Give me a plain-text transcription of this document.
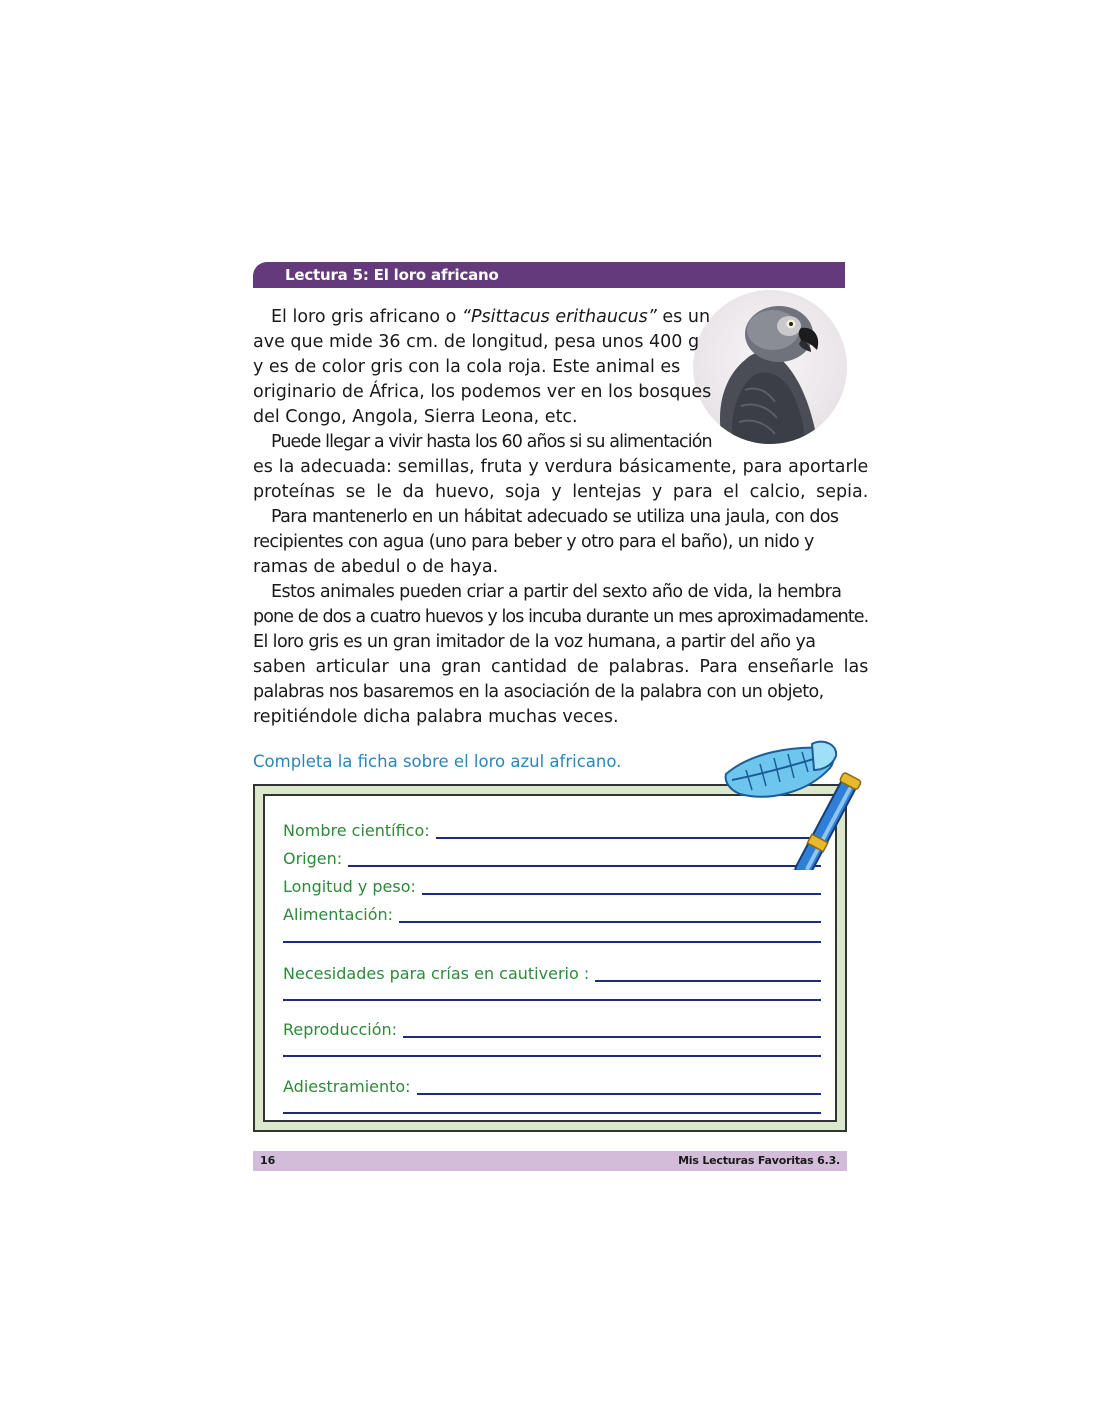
Lectura 5: El loro africano
El loro gris africano o “Psittacus erithaucus” es un
ave que mide 36 cm. de longitud, pesa unos 400 g
y es de color gris con la cola roja. Este animal es
originario de África, los podemos ver en los bosques
del Congo, Angola, Sierra Leona, etc.
Puede llegar a vivir hasta los 60 años si su alimentación
es la adecuada: semillas, fruta y verdura básicamente, para aportarle
proteínas se le da huevo, soja y lentejas y para el calcio, sepia.
Para mantenerlo en un hábitat adecuado se utiliza una jaula, con dos
recipientes con agua (uno para beber y otro para el baño), un nido y
ramas de abedul o de haya.
Estos animales pueden criar a partir del sexto año de vida, la hembra
pone de dos a cuatro huevos y los incuba durante un mes aproximadamente.
El loro gris es un gran imitador de la voz humana, a partir del año ya
saben articular una gran cantidad de palabras. Para enseñarle las
palabras nos basaremos en la asociación de la palabra con un objeto,
repitiéndole dicha palabra muchas veces.
Completa la ficha sobre el loro azul africano.
Nombre científico:
Origen:
Longitud y peso:
Alimentación:
Necesidades para crías en cautiverio :
Reproducción:
Adiestramiento:
16	Mis Lecturas Favoritas 6.3.
